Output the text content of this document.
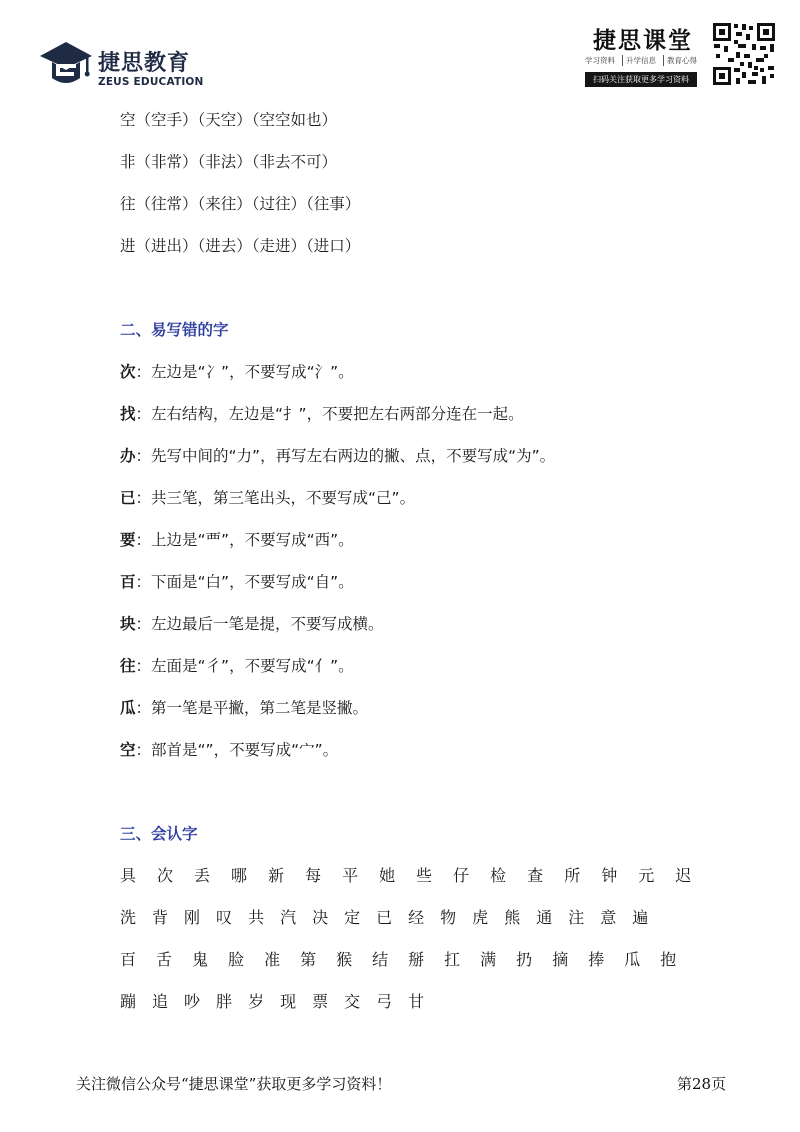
捷思教育
ZEUS EDUCATION
捷思课堂
学习资料	升学信息	教育心得
扫码关注获取更多学习资料
空（空手）（天空）（空空如也）
非（非常）（非法）（非去不可）
往（往常）（来往）（过往）（往事）
进（进出）（进去）（走进）（进口）
二、易写错的字
次：左边是“冫”，不要写成“氵”。
找：左右结构，左边是“扌”，不要把左右两部分连在一起。
办：先写中间的“力”，再写左右两边的撇、点，不要写成“为”。
已：共三笔，第三笔出头，不要写成“己”。
要：上边是“覀”，不要写成“西”。
百：下面是“白”，不要写成“自”。
块：左边最后一笔是提，不要写成横。
往：左面是“彳”，不要写成“亻”。
瓜：第一笔是平撇，第二笔是竖撇。
空：部首是“”，不要写成“宀”。
三、会认字
具 次 丢 哪 新 每 平 她 些 仔 检 查 所 钟 元 迟
洗 背 刚 叹 共 汽 决 定 已 经 物 虎 熊 通 注 意 遍
百 舌 鬼 脸 准 第 猴 结 掰 扛 满 扔 摘 捧 瓜 抱
蹦 追 吵 胖 岁 现 票 交 弓 甘
关注微信公众号“捷思课堂”获取更多学习资料！	第28页
